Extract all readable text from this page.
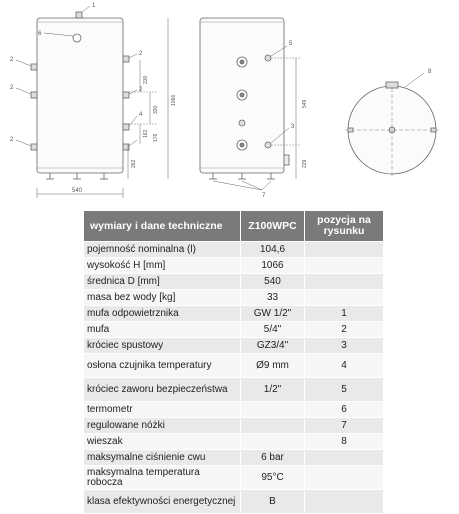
1
6
2
2
2
2
2
4
230
330
162 176
262
1066
540
5
3
7
549
229
8
wymiary i dane techniczne	Z100WPC	pozycja na rysunku
pojemność nominalna (l)	104,6	
wysokość H [mm]	1066	
średnica D [mm]	540	
masa bez wody [kg]	33	
mufa odpowietrznika	GW 1/2"	1
mufa	5/4"	2
króciec spustowy	GZ3/4"	3
osłona czujnika temperatury	Ø9 mm	4
króciec zaworu bezpieczeństwa	1/2"	5
termometr		6
regulowane nóżki		7
wieszak		8
maksymalne ciśnienie cwu	6 bar	
maksymalna temperatura robocza	95°C	
klasa efektywności energetycznej	B	
